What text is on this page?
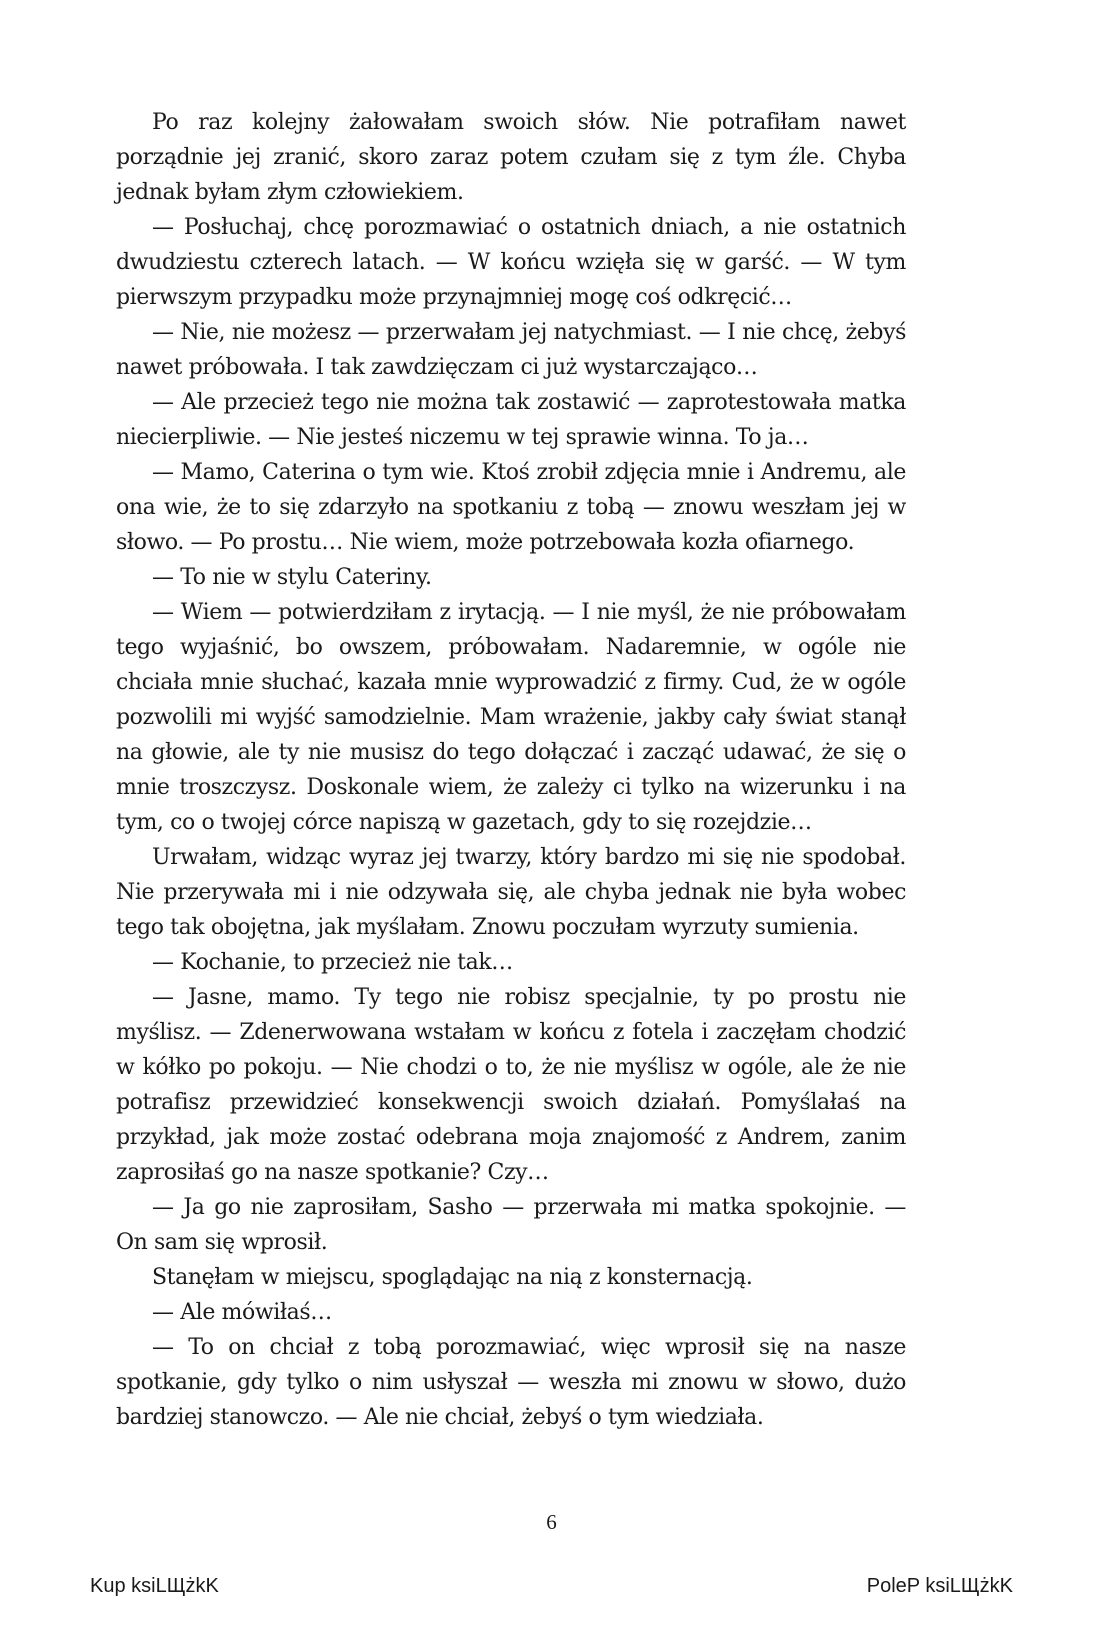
Po raz kolejny żałowałam swoich słów. Nie potrafiłam nawet porządnie jej zranić, skoro zaraz potem czułam się z tym źle. Chyba jednak byłam złym człowiekiem.

— Posłuchaj, chcę porozmawiać o ostatnich dniach, a nie ostatnich dwudziestu czterech latach. — W końcu wzięła się w garść. — W tym pierwszym przypadku może przynajmniej mogę coś odkręcić…

— Nie, nie możesz — przerwałam jej natychmiast. — I nie chcę, żebyś nawet próbowała. I tak zawdzięczam ci już wystarczająco…

— Ale przecież tego nie można tak zostawić — zaprotestowała matka niecierpliwie. — Nie jesteś niczemu w tej sprawie winna. To ja…

— Mamo, Caterina o tym wie. Ktoś zrobił zdjęcia mnie i Andremu, ale ona wie, że to się zdarzyło na spotkaniu z tobą — znowu weszłam jej w słowo. — Po prostu… Nie wiem, może potrzebowała kozła ofiarnego.

— To nie w stylu Cateriny.

— Wiem — potwierdziłam z irytacją. — I nie myśl, że nie próbowałam tego wyjaśnić, bo owszem, próbowałam. Nadaremnie, w ogóle nie chciała mnie słuchać, kazała mnie wyprowadzić z firmy. Cud, że w ogóle pozwolili mi wyjść samodzielnie. Mam wrażenie, jakby cały świat stanął na głowie, ale ty nie musisz do tego dołączać i zacząć udawać, że się o mnie troszczysz. Doskonale wiem, że zależy ci tylko na wizerunku i na tym, co o twojej córce napiszą w gazetach, gdy to się rozejdzie…

Urwałam, widząc wyraz jej twarzy, który bardzo mi się nie spodobał. Nie przerywała mi i nie odzywała się, ale chyba jednak nie była wobec tego tak obojętna, jak myślałam. Znowu poczułam wyrzuty sumienia.

— Kochanie, to przecież nie tak…

— Jasne, mamo. Ty tego nie robisz specjalnie, ty po prostu nie myślisz. — Zdenerwowana wstałam w końcu z fotela i zaczęłam chodzić w kółko po pokoju. — Nie chodzi o to, że nie myślisz w ogóle, ale że nie potrafisz przewidzieć konsekwencji swoich działań. Pomyślałaś na przykład, jak może zostać odebrana moja znajomość z Andrem, zanim zaprosiłaś go na nasze spotkanie? Czy…

— Ja go nie zaprosiłam, Sasho — przerwała mi matka spokojnie. — On sam się wprosił.

Stanęłam w miejscu, spoglądając na nią z konsternacją.

— Ale mówiłaś…

— To on chciał z tobą porozmawiać, więc wprosił się na nasze spotkanie, gdy tylko o nim usłyszał — weszła mi znowu w słowo, dużo bardziej stanowczo. — Ale nie chciał, żebyś o tym wiedziała.

6
Kup ksiLЩżkK	PoleP ksiLЩżkK
